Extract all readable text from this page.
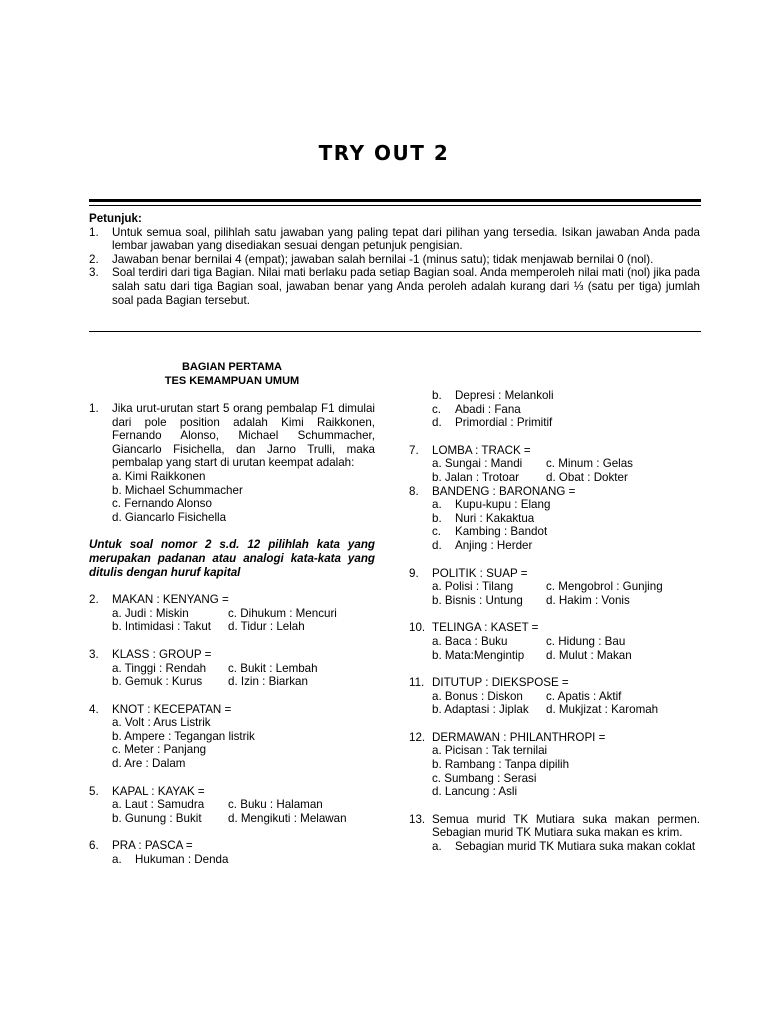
TRY OUT 2
Petunjuk:
1. Untuk semua soal, pilihlah satu jawaban yang paling tepat dari pilihan yang tersedia. Isikan jawaban Anda pada lembar jawaban yang disediakan sesuai dengan petunjuk pengisian.
2. Jawaban benar bernilai 4 (empat); jawaban salah bernilai -1 (minus satu); tidak menjawab bernilai 0 (nol).
3. Soal terdiri dari tiga Bagian. Nilai mati berlaku pada setiap Bagian soal. Anda memperoleh nilai mati (nol) jika pada salah satu dari tiga Bagian soal, jawaban benar yang Anda peroleh adalah kurang dari ⅓ (satu per tiga) jumlah soal pada Bagian tersebut.
BAGIAN PERTAMA
TES KEMAMPUAN UMUM
1. Jika urut-urutan start 5 orang pembalap F1 dimulai dari pole position adalah Kimi Raikkonen, Fernando Alonso, Michael Schummacher, Giancarlo Fisichella, dan Jarno Trulli, maka pembalap yang start di urutan keempat adalah:
a. Kimi Raikkonen
b. Michael Schummacher
c. Fernando Alonso
d. Giancarlo Fisichella
Untuk soal nomor 2 s.d. 12 pilihlah kata yang merupakan padanan atau analogi kata-kata yang ditulis dengan huruf kapital
2. MAKAN : KENYANG =
a. Judi : Miskin	c. Dihukum : Mencuri
b. Intimidasi : Takut	d. Tidur : Lelah
3. KLASS : GROUP =
a. Tinggi : Rendah	c. Bukit : Lembah
b. Gemuk : Kurus	d. Izin : Biarkan
4. KNOT : KECEPATAN =
a. Volt : Arus Listrik
b. Ampere : Tegangan listrik
c. Meter : Panjang
d. Are : Dalam
5. KAPAL : KAYAK =
a. Laut : Samudra	c. Buku : Halaman
b. Gunung : Bukit	d. Mengikuti : Melawan
6. PRA : PASCA =
a. Hukuman : Denda
b. Depresi : Melankoli
c. Abadi : Fana
d. Primordial : Primitif
7. LOMBA : TRACK =
a. Sungai : Mandi	c. Minum : Gelas
b. Jalan : Trotoar	d. Obat : Dokter
8. BANDENG : BARONANG =
a. Kupu-kupu : Elang
b. Nuri : Kakaktua
c. Kambing : Bandot
d. Anjing : Herder
9. POLITIK : SUAP =
a. Polisi : Tilang	c. Mengobrol : Gunjing
b. Bisnis : Untung	d. Hakim : Vonis
10. TELINGA : KASET =
a. Baca : Buku	c. Hidung : Bau
b. Mata:Mengintip	d. Mulut : Makan
11. DITUTUP : DIEKSPOSE =
a. Bonus : Diskon	c. Apatis : Aktif
b. Adaptasi : Jiplak	d. Mukjizat : Karomah
12. DERMAWAN : PHILANTHROPI =
a. Picisan : Tak ternilai
b. Rambang : Tanpa dipilih
c. Sumbang : Serasi
d. Lancung : Asli
13. Semua murid TK Mutiara suka makan permen. Sebagian murid TK Mutiara suka makan es krim.
a. Sebagian murid TK Mutiara suka makan coklat
